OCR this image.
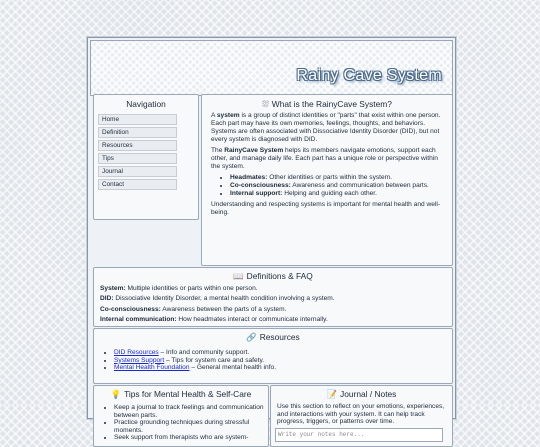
Rainy Cave System
Navigation
Home
Definition
Resources
Tips
Journal
Contact
⛆ What is the RainyCave System?

A system is a group of distinct identities or "parts" that exist within one person. Each part may have its own memories, feelings, thoughts, and behaviors. Systems are often associated with Dissociative Identity Disorder (DID), but not every system is diagnosed with DID.

The RainyCave System helps its members navigate emotions, support each other, and manage daily life. Each part has a unique role or perspective within the system.

• Headmates: Other identities or parts within the system.
• Co-consciousness: Awareness and communication between parts.
• Internal support: Helping and guiding each other.

Understanding and respecting systems is important for mental health and well-being.

📖 Definitions & FAQ
System: Multiple identities or parts within one person.
DID: Dissociative Identity Disorder, a mental health condition involving a system.
Co-consciousness: Awareness between the parts of a system.
Internal communication: How headmates interact or communicate internally.
🔗 Resources
• DID Resources – Info and community support.
• Systems Support – Tips for system care and safety.
• Mental Health Foundation – General mental health info.
💡 Tips for Mental Health & Self-Care
• Keep a journal to track feelings and communication between parts.
• Practice grounding techniques during stressful moments.
• Seek support from therapists who are system-
📝 Journal / Notes

Use this section to reflect on your emotions, experiences, and interactions with your system. It can help track progress, triggers, or patterns over time.

Write your notes here...
